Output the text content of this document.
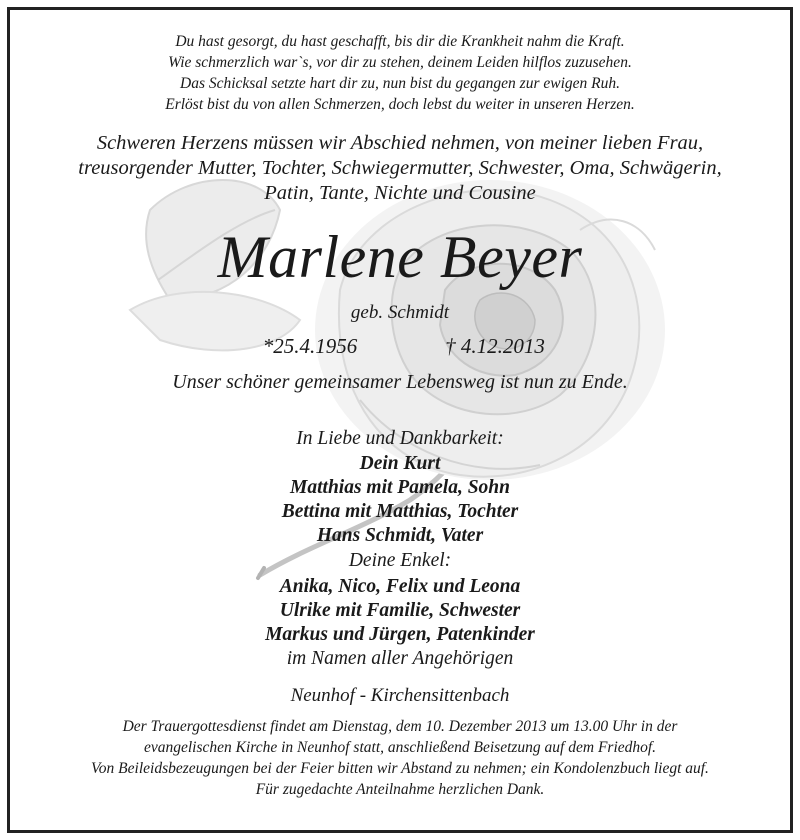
Du hast gesorgt, du hast geschafft, bis dir die Krankheit nahm die Kraft.
Wie schmerzlich war`s, vor dir zu stehen, deinem Leiden hilflos zuzusehen.
Das Schicksal setzte hart dir zu, nun bist du gegangen zur ewigen Ruh.
Erlöst bist du von allen Schmerzen, doch lebst du weiter in unseren Herzen.
Schweren Herzens müssen wir Abschied nehmen, von meiner lieben Frau,
treusorgender Mutter, Tochter, Schwiegermutter, Schwester, Oma, Schwägerin,
Patin, Tante, Nichte und Cousine
Marlene Beyer
geb. Schmidt
*25.4.1956	† 4.12.2013
Unser schöner gemeinsamer Lebensweg ist nun zu Ende.
In Liebe und Dankbarkeit:
Dein Kurt
Matthias mit Pamela, Sohn
Bettina mit Matthias, Tochter
Hans Schmidt, Vater
Deine Enkel:
Anika, Nico, Felix und Leona
Ulrike mit Familie, Schwester
Markus und Jürgen, Patenkinder
im Namen aller Angehörigen
Neunhof - Kirchensittenbach
Der Trauergottesdienst findet am Dienstag, dem 10. Dezember 2013 um 13.00 Uhr in der
evangelischen Kirche in Neunhof statt, anschließend Beisetzung auf dem Friedhof.
Von Beileidsbezeugungen bei der Feier bitten wir Abstand zu nehmen; ein Kondolenzbuch liegt auf.
Für zugedachte Anteilnahme herzlichen Dank.
